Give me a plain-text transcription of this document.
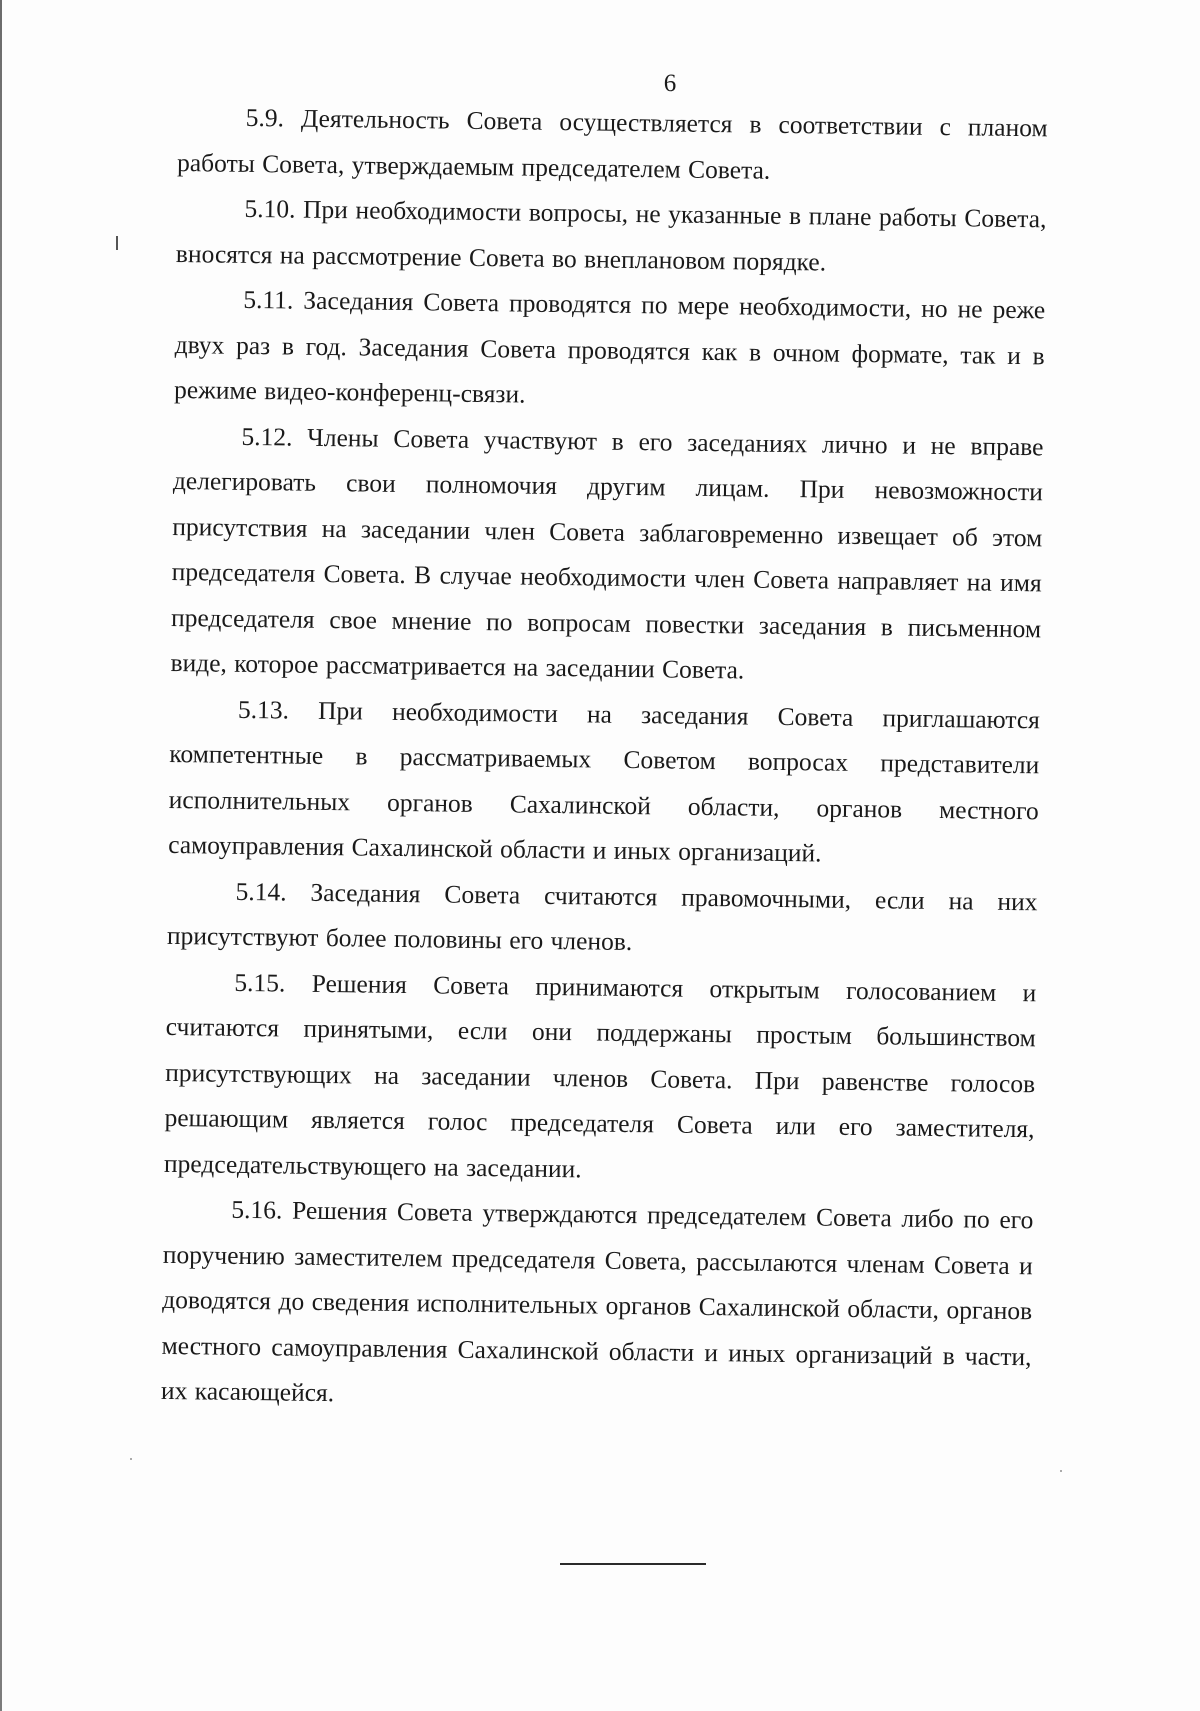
6

5.9. Деятельность Совета осуществляется в соответствии с планом работы Совета, утверждаемым председателем Совета.

5.10. При необходимости вопросы, не указанные в плане работы Совета, вносятся на рассмотрение Совета во внеплановом порядке.

5.11. Заседания Совета проводятся по мере необходимости, но не реже двух раз в год. Заседания Совета проводятся как в очном формате, так и в режиме видео-конференц-связи.

5.12. Члены Совета участвуют в его заседаниях лично и не вправе делегировать свои полномочия другим лицам. При невозможности присутствия на заседании член Совета заблаговременно извещает об этом председателя Совета. В случае необходимости член Совета направляет на имя председателя свое мнение по вопросам повестки заседания в письменном виде, которое рассматривается на заседании Совета.

5.13. При необходимости на заседания Совета приглашаются компетентные в рассматриваемых Советом вопросах представители исполнительных органов Сахалинской области, органов местного самоуправления Сахалинской области и иных организаций.

5.14. Заседания Совета считаются правомочными, если на них присутствуют более половины его членов.

5.15. Решения Совета принимаются открытым голосованием и считаются принятыми, если они поддержаны простым большинством присутствующих на заседании членов Совета. При равенстве голосов решающим является голос председателя Совета или его заместителя, председательствующего на заседании.

5.16. Решения Совета утверждаются председателем Совета либо по его поручению заместителем председателя Совета, рассылаются членам Совета и доводятся до сведения исполнительных органов Сахалинской области, органов местного самоуправления Сахалинской области и иных организаций в части, их касающейся.
